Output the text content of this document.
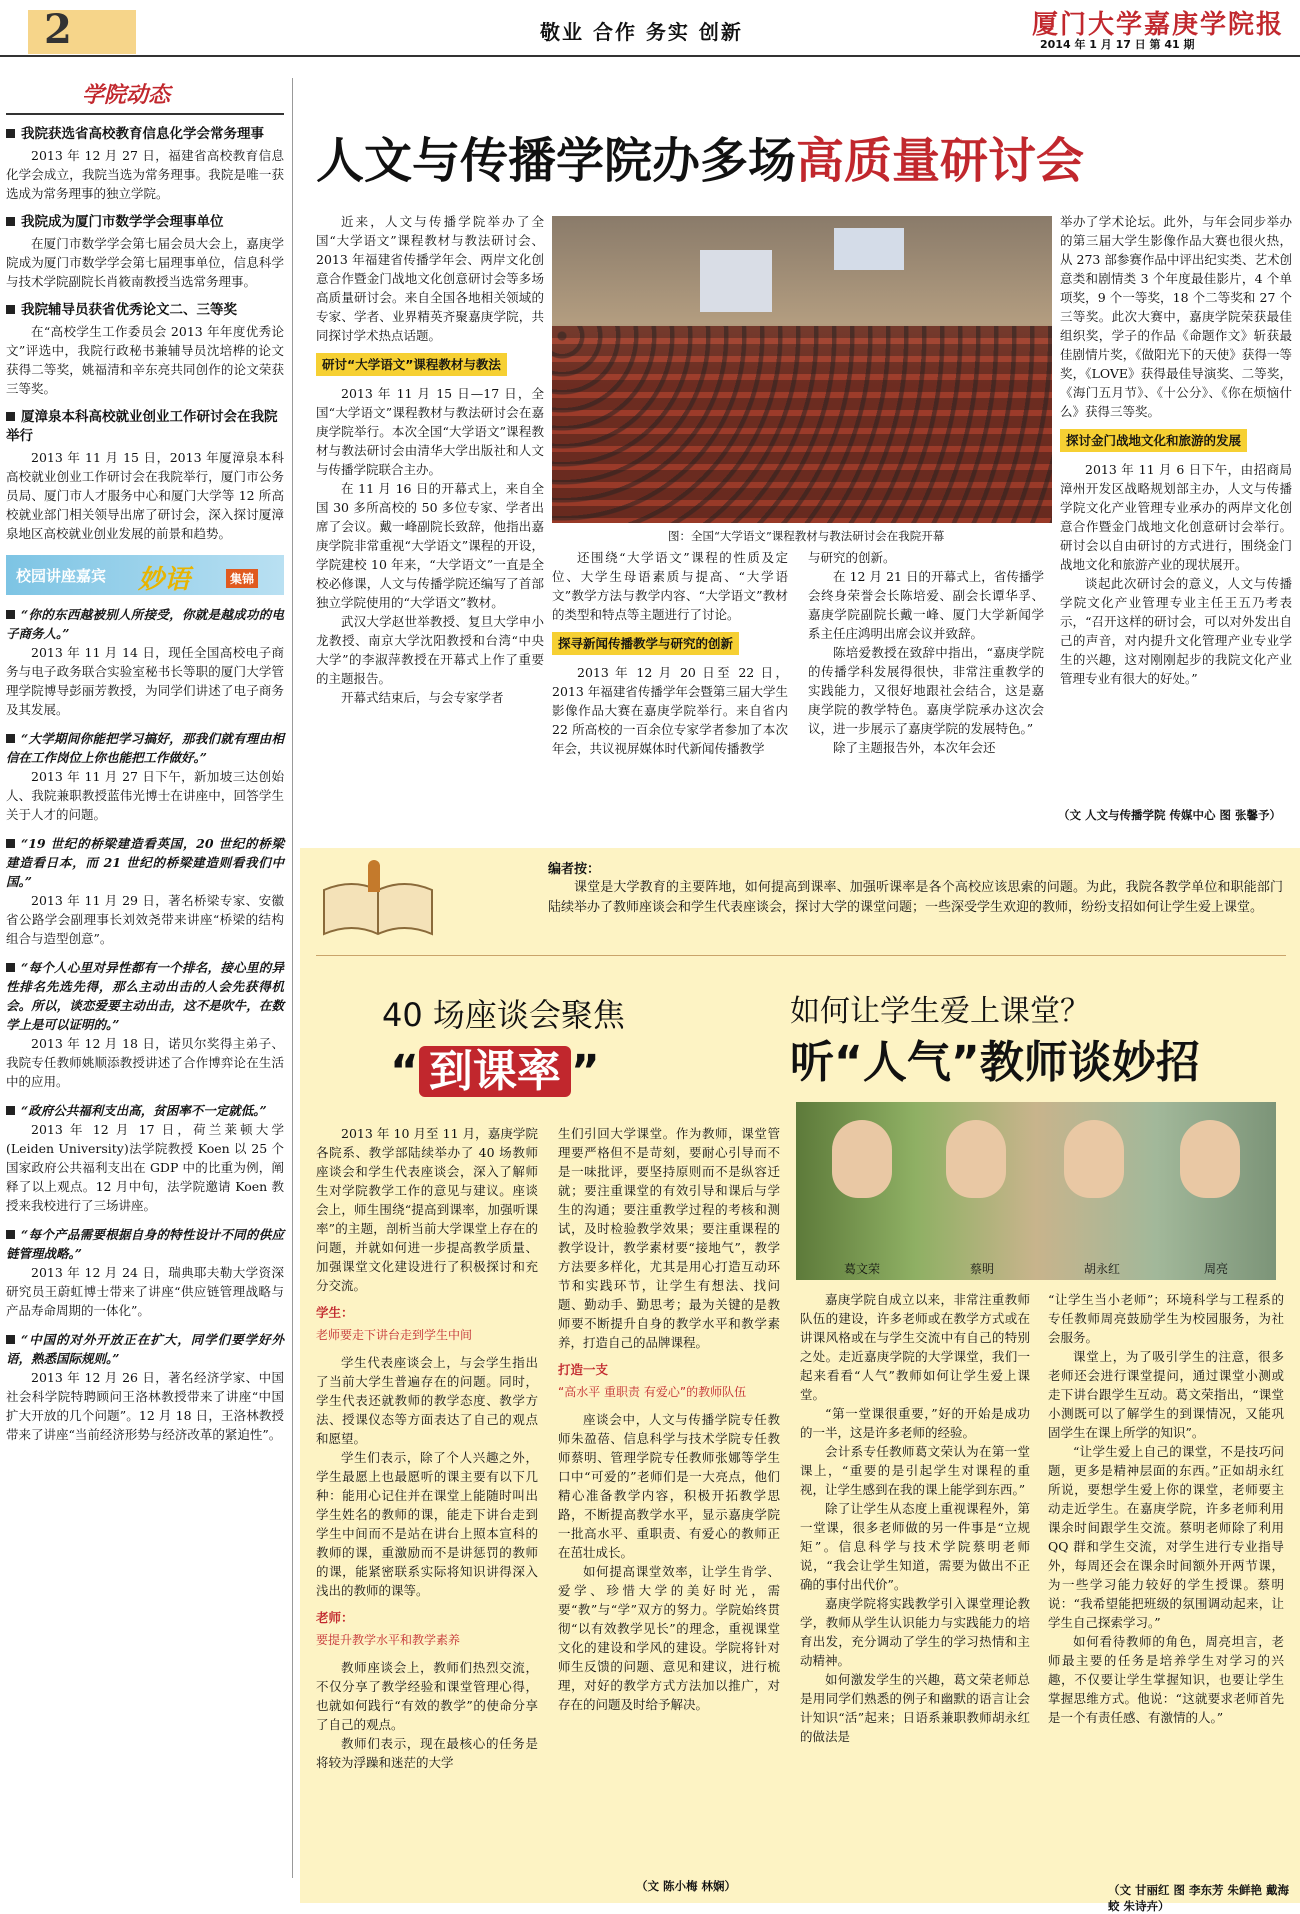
2	敬业 合作 务实 创新	厦门大学嘉庚学院报
2014 年 1 月 17 日 第 41 期
学院动态
我院获选省高校教育信息化学会常务理事

2013 年 12 月 27 日，福建省高校教育信息化学会成立，我院当选为常务理事。我院是唯一获选成为常务理事的独立学院。

我院成为厦门市数学学会理事单位

在厦门市数学学会第七届会员大会上，嘉庚学院成为厦门市数学学会第七届理事单位，信息科学与技术学院副院长肖筱南教授当选常务理事。

我院辅导员获省优秀论文二、三等奖

在“高校学生工作委员会 2013 年年度优秀论文”评选中，我院行政秘书兼辅导员沈培桦的论文获得二等奖，姚福清和辛东亮共同创作的论文荣获三等奖。

厦漳泉本科高校就业创业工作研讨会在我院举行

2013 年 11 月 15 日，2013 年厦漳泉本科高校就业创业工作研讨会在我院举行，厦门市公务员局、厦门市人才服务中心和厦门大学等 12 所高校就业部门相关领导出席了研讨会，深入探讨厦漳泉地区高校就业创业发展的前景和趋势。

校园讲座嘉宾 妙语	集锦
“你的东西越被别人所接受，你就是越成功的电子商务人。”

2013 年 11 月 14 日，现任全国高校电子商务与电子政务联合实验室秘书长等职的厦门大学管理学院博导彭丽芳教授，为同学们讲述了电子商务及其发展。

“大学期间你能把学习搞好，那我们就有理由相信在工作岗位上你也能把工作做好。”

2013 年 11 月 27 日下午，新加坡三达创始人、我院兼职教授蓝伟光博士在讲座中，回答学生关于人才的问题。

“19 世纪的桥梁建造看英国，20 世纪的桥梁建造看日本，而 21 世纪的桥梁建造则看我们中国。”

2013 年 11 月 29 日，著名桥梁专家、安徽省公路学会副理事长刘效尧带来讲座“桥梁的结构组合与造型创意”。

“每个人心里对异性都有一个排名，接心里的异性排名先选先得，那么主动出击的人会先获得机会。所以，谈恋爱要主动出击，这不是吹牛，在数学上是可以证明的。”

2013 年 12 月 18 日，诺贝尔奖得主弟子、我院专任教师姚顺添教授讲述了合作博弈论在生活中的应用。

“政府公共福利支出高，贫困率不一定就低。”

2013 年 12 月 17 日，荷兰莱顿大学(Leiden University)法学院教授 Koen 以 25 个国家政府公共福利支出在 GDP 中的比重为例，阐释了以上观点。12 月中旬，法学院邀请 Koen 教授来我校进行了三场讲座。

“每个产品需要根据自身的特性设计不同的供应链管理战略。”

2013 年 12 月 24 日，瑞典耶夫勒大学资深研究员王蔚虹博士带来了讲座“供应链管理战略与产品寿命周期的一体化”。

“中国的对外开放正在扩大，同学们要学好外语，熟悉国际规则。”

2013 年 12 月 26 日，著名经济学家、中国社会科学院特聘顾问王洛林教授带来了讲座“中国扩大开放的几个问题”。12 月 18 日，王洛林教授带来了讲座“当前经济形势与经济改革的紧迫性”。

人文与传播学院办多场高质量研讨会

近来，人文与传播学院举办了全国“大学语文”课程教材与教法研讨会、2013 年福建省传播学年会、两岸文化创意合作暨金门战地文化创意研讨会等多场高质量研讨会。来自全国各地相关领域的专家、学者、业界精英齐聚嘉庚学院，共同探讨学术热点话题。

研讨“大学语文”课程教材与教法

2013 年 11 月 15 日—17 日，全国“大学语文”课程教材与教法研讨会在嘉庚学院举行。本次全国“大学语文”课程教材与教法研讨会由清华大学出版社和人文与传播学院联合主办。

在 11 月 16 日的开幕式上，来自全国 30 多所高校的 50 多位专家、学者出席了会议。戴一峰副院长致辞，他指出嘉庚学院非常重视“大学语文”课程的开设，学院建校 10 年来，“大学语文”一直是全校必修课，人文与传播学院还编写了首部独立学院使用的“大学语文”教材。

武汉大学赵世举教授、复旦大学申小龙教授、南京大学沈阳教授和台湾“中央大学”的李淑萍教授在开幕式上作了重要的主题报告。

开幕式结束后，与会专家学者

图：全国“大学语文”课程教材与教法研讨会在我院开幕

还围绕“大学语文”课程的性质及定位、大学生母语素质与提高、“大学语文”教学方法与教学内容、“大学语文”教材的类型和特点等主题进行了讨论。

探寻新闻传播教学与研究的创新

2013 年 12 月 20 日至 22 日，2013 年福建省传播学年会暨第三届大学生影像作品大赛在嘉庚学院举行。来自省内 22 所高校的一百余位专家学者参加了本次年会，共议视屏媒体时代新闻传播教学

与研究的创新。

在 12 月 21 日的开幕式上，省传播学会终身荣誉会长陈培爱、副会长谭华孚、嘉庚学院副院长戴一峰、厦门大学新闻学系主任庄鸿明出席会议并致辞。

陈培爱教授在致辞中指出，“嘉庚学院的传播学科发展得很快，非常注重教学的实践能力，又很好地跟社会结合，这是嘉庚学院的教学特色。嘉庚学院承办这次会议，进一步展示了嘉庚学院的发展特色。”

除了主题报告外，本次年会还

举办了学术论坛。此外，与年会同步举办的第三届大学生影像作品大赛也很火热，从 273 部参赛作品中评出纪实类、艺术创意类和剧情类 3 个年度最佳影片，4 个单项奖，9 个一等奖，18 个二等奖和 27 个三等奖。此次大赛中，嘉庚学院荣获最佳组织奖，学子的作品《命题作文》斩获最佳剧情片奖，《做阳光下的天使》获得一等奖，《LOVE》获得最佳导演奖、二等奖，《海门五月节》、《十公分》、《你在烦恼什么》获得三等奖。

探讨金门战地文化和旅游的发展

2013 年 11 月 6 日下午，由招商局漳州开发区战略规划部主办，人文与传播学院文化产业管理专业承办的两岸文化创意合作暨金门战地文化创意研讨会举行。研讨会以自由研讨的方式进行，围绕金门战地文化和旅游产业的现状展开。

谈起此次研讨会的意义，人文与传播学院文化产业管理专业主任王五乃考表示，“召开这样的研讨会，可以对外发出自己的声音，对内提升文化管理产业专业学生的兴趣，这对刚刚起步的我院文化产业管理专业有很大的好处。”

（文 人文与传播学院 传媒中心 图 张馨予）
编者按：
课堂是大学教育的主要阵地，如何提高到课率、加强听课率是各个高校应该思索的问题。为此，我院各教学单位和职能部门陆续举办了教师座谈会和学生代表座谈会，探讨大学的课堂问题；一些深受学生欢迎的教师，纷纷支招如何让学生爱上课堂。
40 场座谈会聚焦
“ 到课率 ”
如何让学生爱上课堂？
听“人气”教师谈妙招

2013 年 10 月至 11 月，嘉庚学院各院系、教学部陆续举办了 40 场教师座谈会和学生代表座谈会，深入了解师生对学院教学工作的意见与建议。座谈会上，师生围绕“提高到课率，加强听课率”的主题，剖析当前大学课堂上存在的问题，并就如何进一步提高教学质量、加强课堂文化建设进行了积极探讨和充分交流。

学生：
老师要走下讲台走到学生中间

学生代表座谈会上，与会学生指出了当前大学生普遍存在的问题。同时，学生代表还就教师的教学态度、教学方法、授课仪态等方面表达了自己的观点和愿望。

学生们表示，除了个人兴趣之外，学生最愿上也最愿听的课主要有以下几种：能用心记住并在课堂上能随时叫出学生姓名的教师的课，能走下讲台走到学生中间而不是站在讲台上照本宣科的教师的课，重激励而不是讲惩罚的教师的课，能紧密联系实际将知识讲得深入浅出的教师的课等。

老师：
要提升教学水平和教学素养

教师座谈会上，教师们热烈交流，不仅分享了教学经验和课堂管理心得，也就如何践行“有效的教学”的使命分享了自己的观点。

教师们表示，现在最核心的任务是将较为浮躁和迷茫的大学

生们引回大学课堂。作为教师，课堂管理要严格但不是苛刻，要耐心引导而不是一味批评，要坚持原则而不是纵容迁就；要注重课堂的有效引导和课后与学生的沟通；要注重教学过程的考核和测试，及时检验教学效果；要注重课程的教学设计，教学素材要“接地气”，教学方法要多样化，尤其是用心打造互动环节和实践环节，让学生有想法、找问题、勤动手、勤思考；最为关键的是教师要不断提升自身的教学水平和教学素养，打造自己的品牌课程。

打造一支
“高水平 重职责 有爱心”的教师队伍

座谈会中，人文与传播学院专任教师朱盈蓓、信息科学与技术学院专任教师蔡明、管理学院专任教师张娜等学生口中“可爱的”老师们是一大亮点，他们精心准备教学内容，积极开拓教学思路，不断提高教学水平，显示嘉庚学院一批高水平、重职责、有爱心的教师正在茁壮成长。

如何提高课堂效率，让学生肯学、爱学、珍惜大学的美好时光，需要“教”与“学”双方的努力。学院始终贯彻“以有效教学见长”的理念，重视课堂文化的建设和学风的建设。学院将针对师生反馈的问题、意见和建议，进行梳理，对好的教学方式方法加以推广，对存在的问题及时给予解决。

（文 陈小梅 林娴）
葛文荣	蔡明	胡永红	周亮

嘉庚学院自成立以来，非常注重教师队伍的建设，许多老师或在教学方式或在讲课风格或在与学生交流中有自己的特别之处。走近嘉庚学院的大学课堂，我们一起来看看“人气”教师如何让学生爱上课堂。

“第一堂课很重要，”好的开始是成功的一半，这是许多老师的经验。

会计系专任教师葛文荣认为在第一堂课上，“重要的是引起学生对课程的重视，让学生感到在我的课上能学到东西。”

除了让学生从态度上重视课程外，第一堂课，很多老师做的另一件事是“立规矩”。信息科学与技术学院蔡明老师说，“我会让学生知道，需要为做出不正确的事付出代价”。

嘉庚学院将实践教学引入课堂理论教学，教师从学生认识能力与实践能力的培育出发，充分调动了学生的学习热情和主动精神。

如何激发学生的兴趣，葛文荣老师总是用同学们熟悉的例子和幽默的语言让会计知识“活”起来；日语系兼职教师胡永红的做法是

“让学生当小老师”；环境科学与工程系的专任教师周亮鼓励学生为校园服务，为社会服务。

课堂上，为了吸引学生的注意，很多老师还会进行课堂提问，通过课堂小测或走下讲台跟学生互动。葛文荣指出，“课堂小测既可以了解学生的到课情况，又能巩固学生在课上所学的知识”。

“让学生爱上自己的课堂，不是技巧问题，更多是精神层面的东西。”正如胡永红所说，要想学生爱上你的课堂，老师要主动走近学生。在嘉庚学院，许多老师利用课余时间跟学生交流。蔡明老师除了利用 QQ 群和学生交流，对学生进行专业指导外，每周还会在课余时间额外开两节课，为一些学习能力较好的学生授课。蔡明说：“我希望能把班级的氛围调动起来，让学生自己探索学习。”

如何看待教师的角色，周亮坦言，老师最主要的任务是培养学生对学习的兴趣，不仅要让学生掌握知识，也要让学生掌握思维方式。他说：“这就要求老师首先是一个有责任感、有激情的人。”

（文 甘丽红 图 李东芳 朱鲜艳 戴海蛟 朱诗卉）
